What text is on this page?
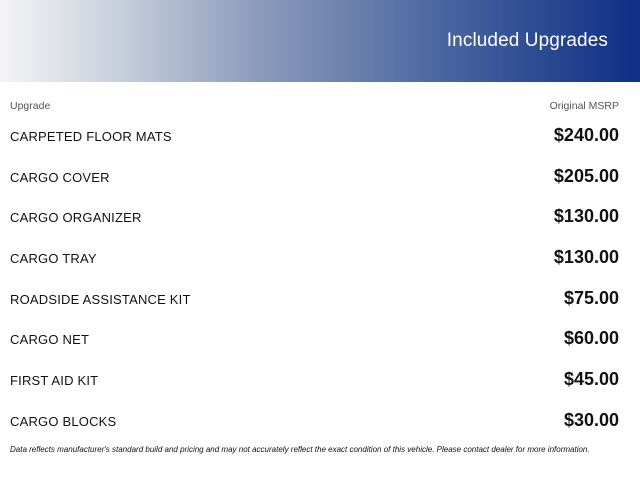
Included Upgrades
Upgrade	Original MSRP
CARPETED FLOOR MATS	$240.00
CARGO COVER	$205.00
CARGO ORGANIZER	$130.00
CARGO TRAY	$130.00
ROADSIDE ASSISTANCE KIT	$75.00
CARGO NET	$60.00
FIRST AID KIT	$45.00
CARGO BLOCKS	$30.00
Data reflects manufacturer's standard build and pricing and may not accurately reflect the exact condition of this vehicle. Please contact dealer for more information.
